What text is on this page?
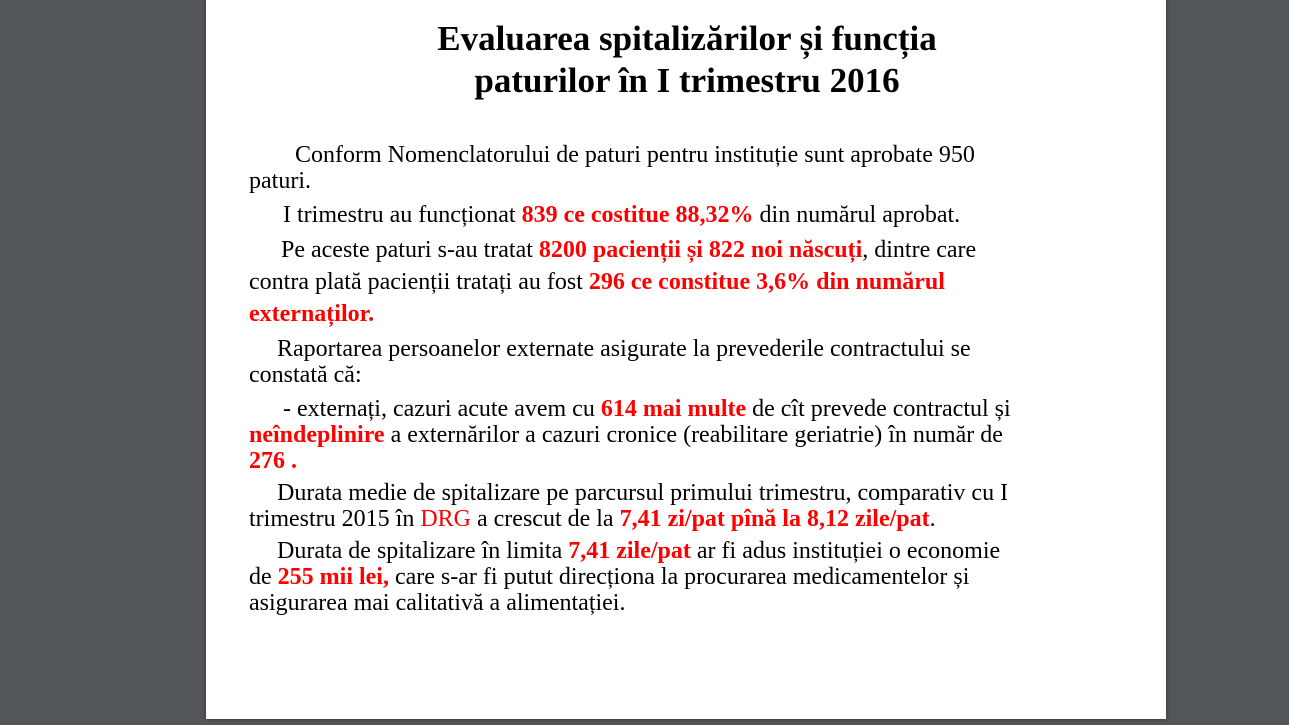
Evaluarea spitalizărilor și funcția
paturilor în I trimestru 2016

Conform Nomenclatorului de paturi pentru instituție sunt aprobate 950

paturi.

I trimestru au funcționat 839 ce costitue 88,32% din numărul aprobat.

Pe aceste paturi s-au tratat 8200 pacienții și 822 noi născuți, dintre care

contra plată pacienții tratați au fost 296 ce constitue 3,6% din numărul

externaților.

Raportarea persoanelor externate asigurate la prevederile contractului se

constată că:

- externați, cazuri acute avem cu 614 mai multe de cît prevede contractul și

neîndeplinire a externărilor a cazuri cronice (reabilitare geriatrie) în număr de

276 .

Durata medie de spitalizare pe parcursul primului trimestru, comparativ cu I

trimestru 2015 în DRG a crescut de la 7,41 zi/pat pînă la 8,12 zile/pat.

Durata de spitalizare în limita 7,41 zile/pat ar fi adus instituției o economie

de 255 mii lei, care s-ar fi putut direcționa la procurarea medicamentelor și

asigurarea mai calitativă a alimentației.
